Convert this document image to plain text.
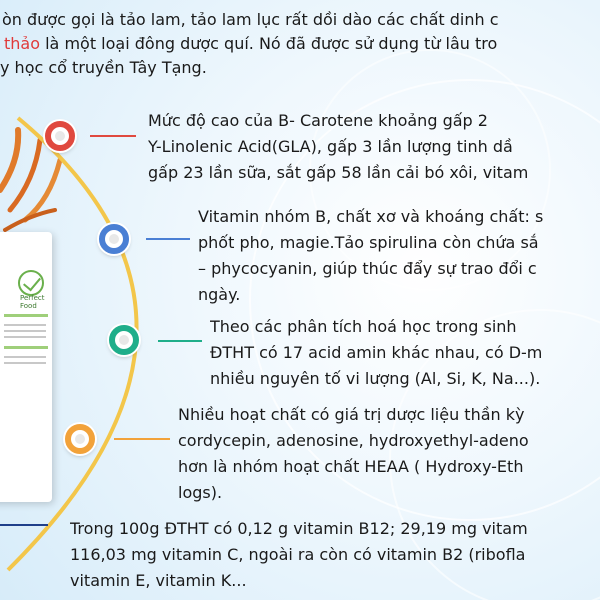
òn được gọi là tảo lam, tảo lam lục rất dồi dào các chất dinh c
thảo là một loại đông dược quí. Nó đã được sử dụng từ lâu tro
y học cổ truyền Tây Tạng.
Perfect Food
Mức độ cao của B- Carotene khoảng gấp 2
Y-Linolenic Acid(GLA), gấp 3 lần lượng tinh dầ
gấp 23 lần sữa, sắt gấp 58 lần cải bó xôi, vitam
Vitamin nhóm B, chất xơ và khoáng chất: s
phốt pho, magie.Tảo spirulina còn chứa sắ
– phycocyanin, giúp thúc đẩy sự trao đổi c
ngày.
Theo các phân tích hoá học trong sinh
ĐTHT có 17 acid amin khác nhau, có D-m
nhiều nguyên tố vi lượng (Al, Si, K, Na...).
Nhiều hoạt chất có giá trị dược liệu thần kỳ
cordycepin, adenosine, hydroxyethyl-adeno
hơn là nhóm hoạt chất HEAA ( Hydroxy-Eth
logs).
Trong 100g ĐTHT có 0,12 g vitamin B12; 29,19 mg vitam
116,03 mg vitamin C, ngoài ra còn có vitamin B2 (ribofla
vitamin E, vitamin K...
